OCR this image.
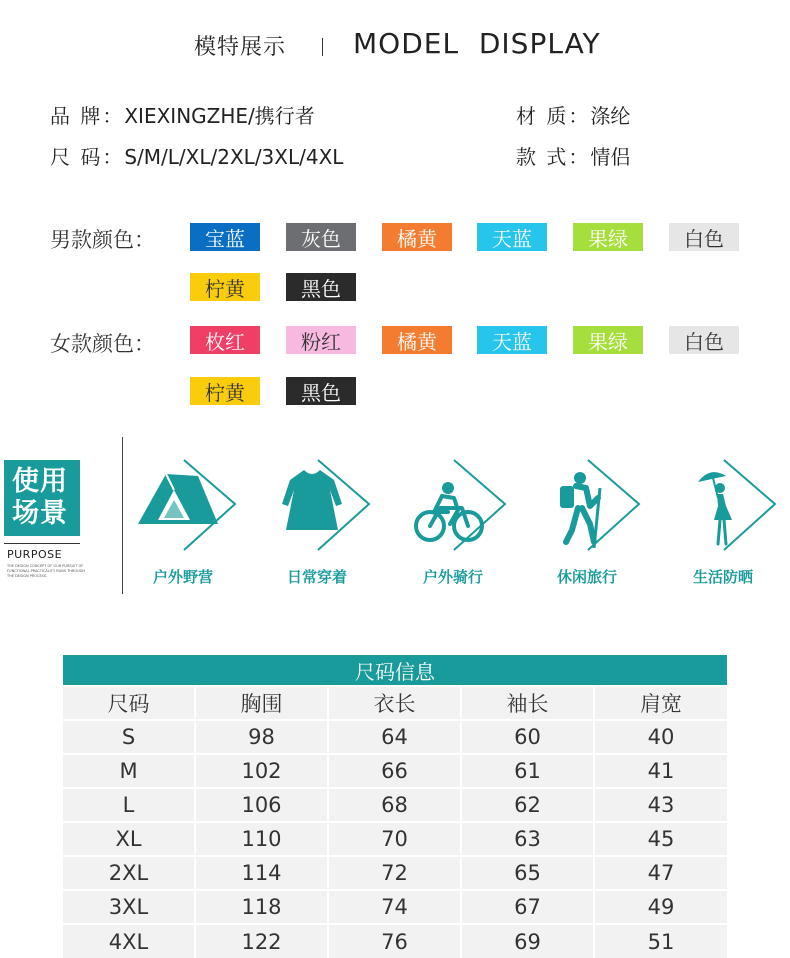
模特展示 MODEL  DISPLAY
品 牌：XIEXINGZHE/携行者
尺 码：S/M/L/XL/2XL/3XL/4XL
材 质：涤纶
款 式：情侣
男款颜色：
女款颜色：
宝蓝	灰色	橘黄	天蓝	果绿	白色
柠黄	黑色
枚红	粉红	橘黄	天蓝	果绿	白色
柠黄	黑色
使用
场景
PURPOSE
THE DESIGN CONCEPT OF OUR PURSUIT OF FUNCTIONAL PRACTICALITY RUNS THROUGH THE DESIGN PROCESS.	户外野营	日常穿着	户外骑行	休闲旅行	生活防晒
尺码信息				
尺码	胸围	衣长	袖长	肩宽
S	98	64	60	40
M	102	66	61	41
L	106	68	62	43
XL	110	70	63	45
2XL	114	72	65	47
3XL	118	74	67	49
4XL	122	76	69	51
